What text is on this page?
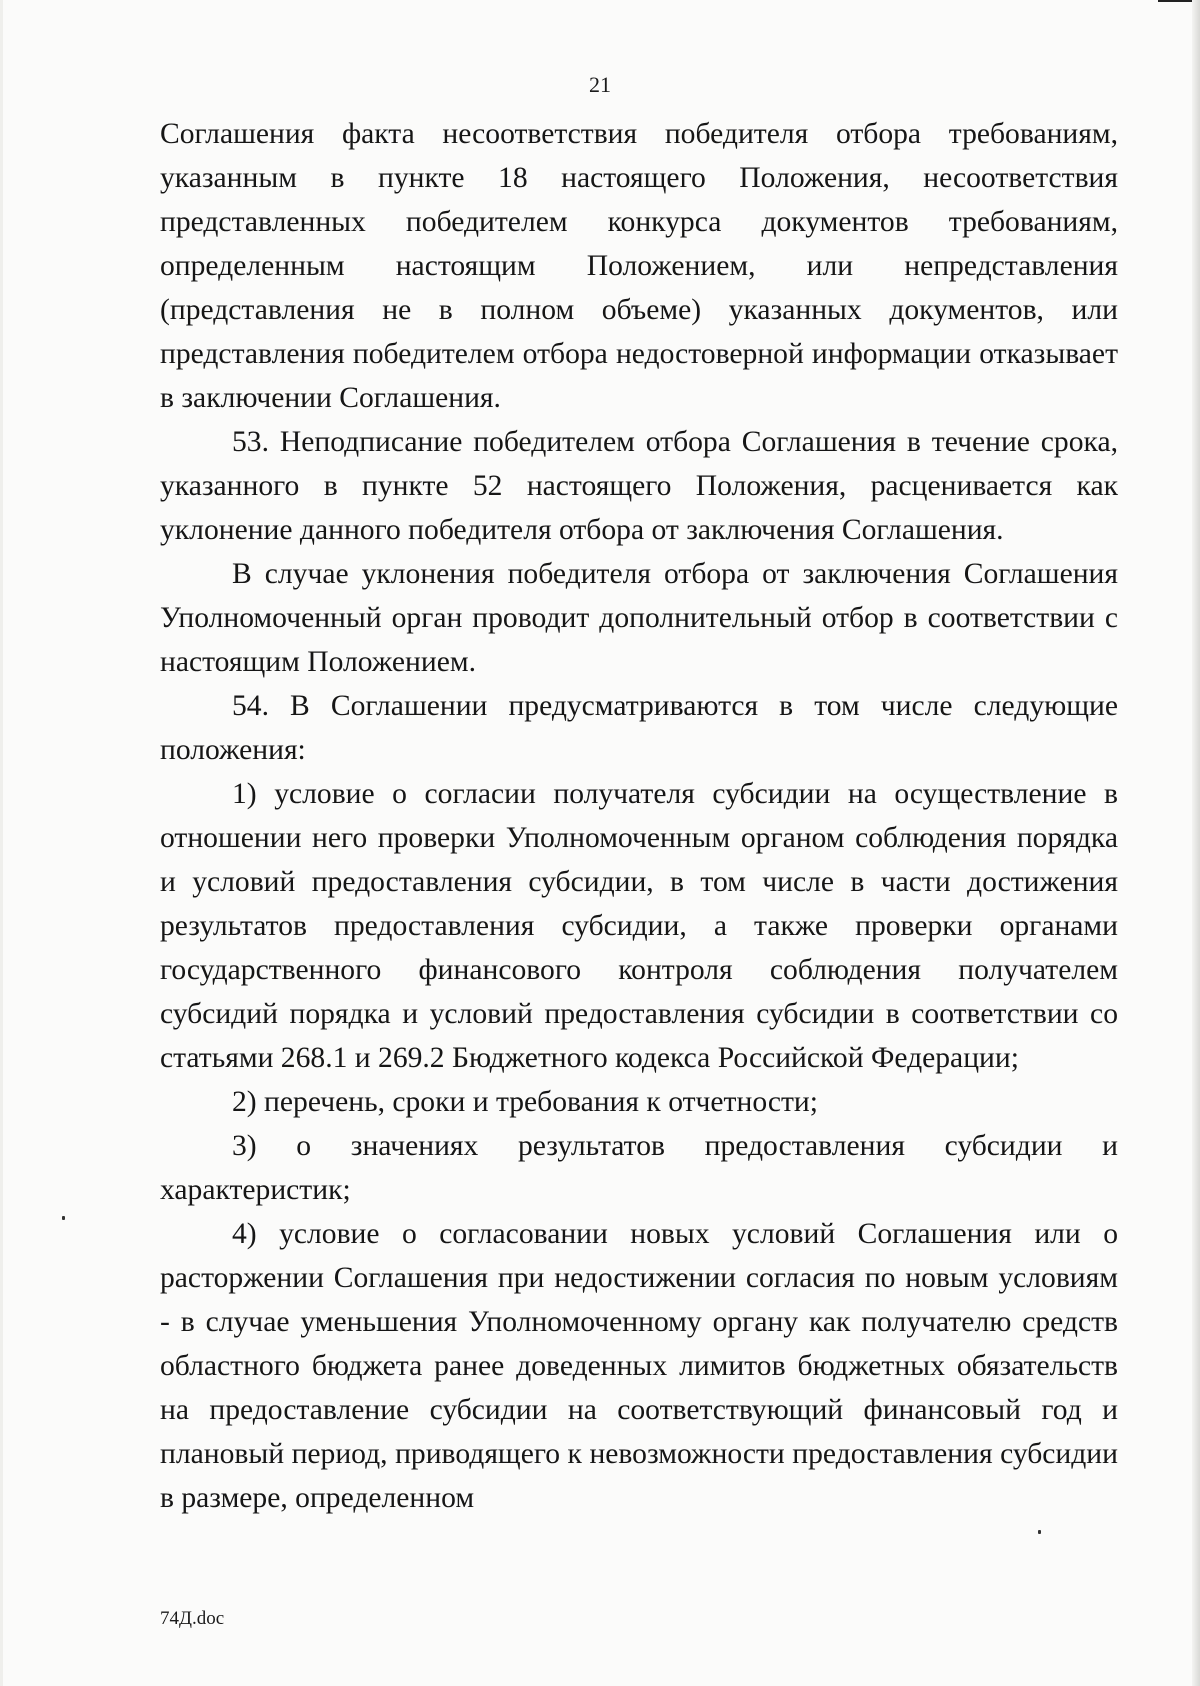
21

Соглашения факта несоответствия победителя отбора требованиям, указанным в пункте 18 настоящего Положения, несоответствия представленных победителем конкурса документов требованиям, определенным настоящим Положением, или непредставления (представления не в полном объеме) указанных документов, или представления победителем отбора недостоверной информации отказывает в заключении Соглашения.

53. Неподписание победителем отбора Соглашения в течение срока, указанного в пункте 52 настоящего Положения, расценивается как уклонение данного победителя отбора от заключения Соглашения.

В случае уклонения победителя отбора от заключения Соглашения Уполномоченный орган проводит дополнительный отбор в соответствии с настоящим Положением.

54. В Соглашении предусматриваются в том числе следующие положения:

1) условие о согласии получателя субсидии на осуществление в отношении него проверки Уполномоченным органом соблюдения порядка и условий предоставления субсидии, в том числе в части достижения результатов предоставления субсидии, а также проверки органами государственного финансового контроля соблюдения получателем субсидий порядка и условий предоставления субсидии в соответствии со статьями 268.1 и 269.2 Бюджетного кодекса Российской Федерации;

2) перечень, сроки и требования к отчетности;

3) о значениях результатов предоставления субсидии и характеристик;

4) условие о согласовании новых условий Соглашения или о расторжении Соглашения при недостижении согласия по новым условиям - в случае уменьшения Уполномоченному органу как получателю средств областного бюджета ранее доведенных лимитов бюджетных обязательств на предоставление субсидии на соответствующий финансовый год и плановый период, приводящего к невозможности предоставления субсидии в размере, определенном

74Д.doc
